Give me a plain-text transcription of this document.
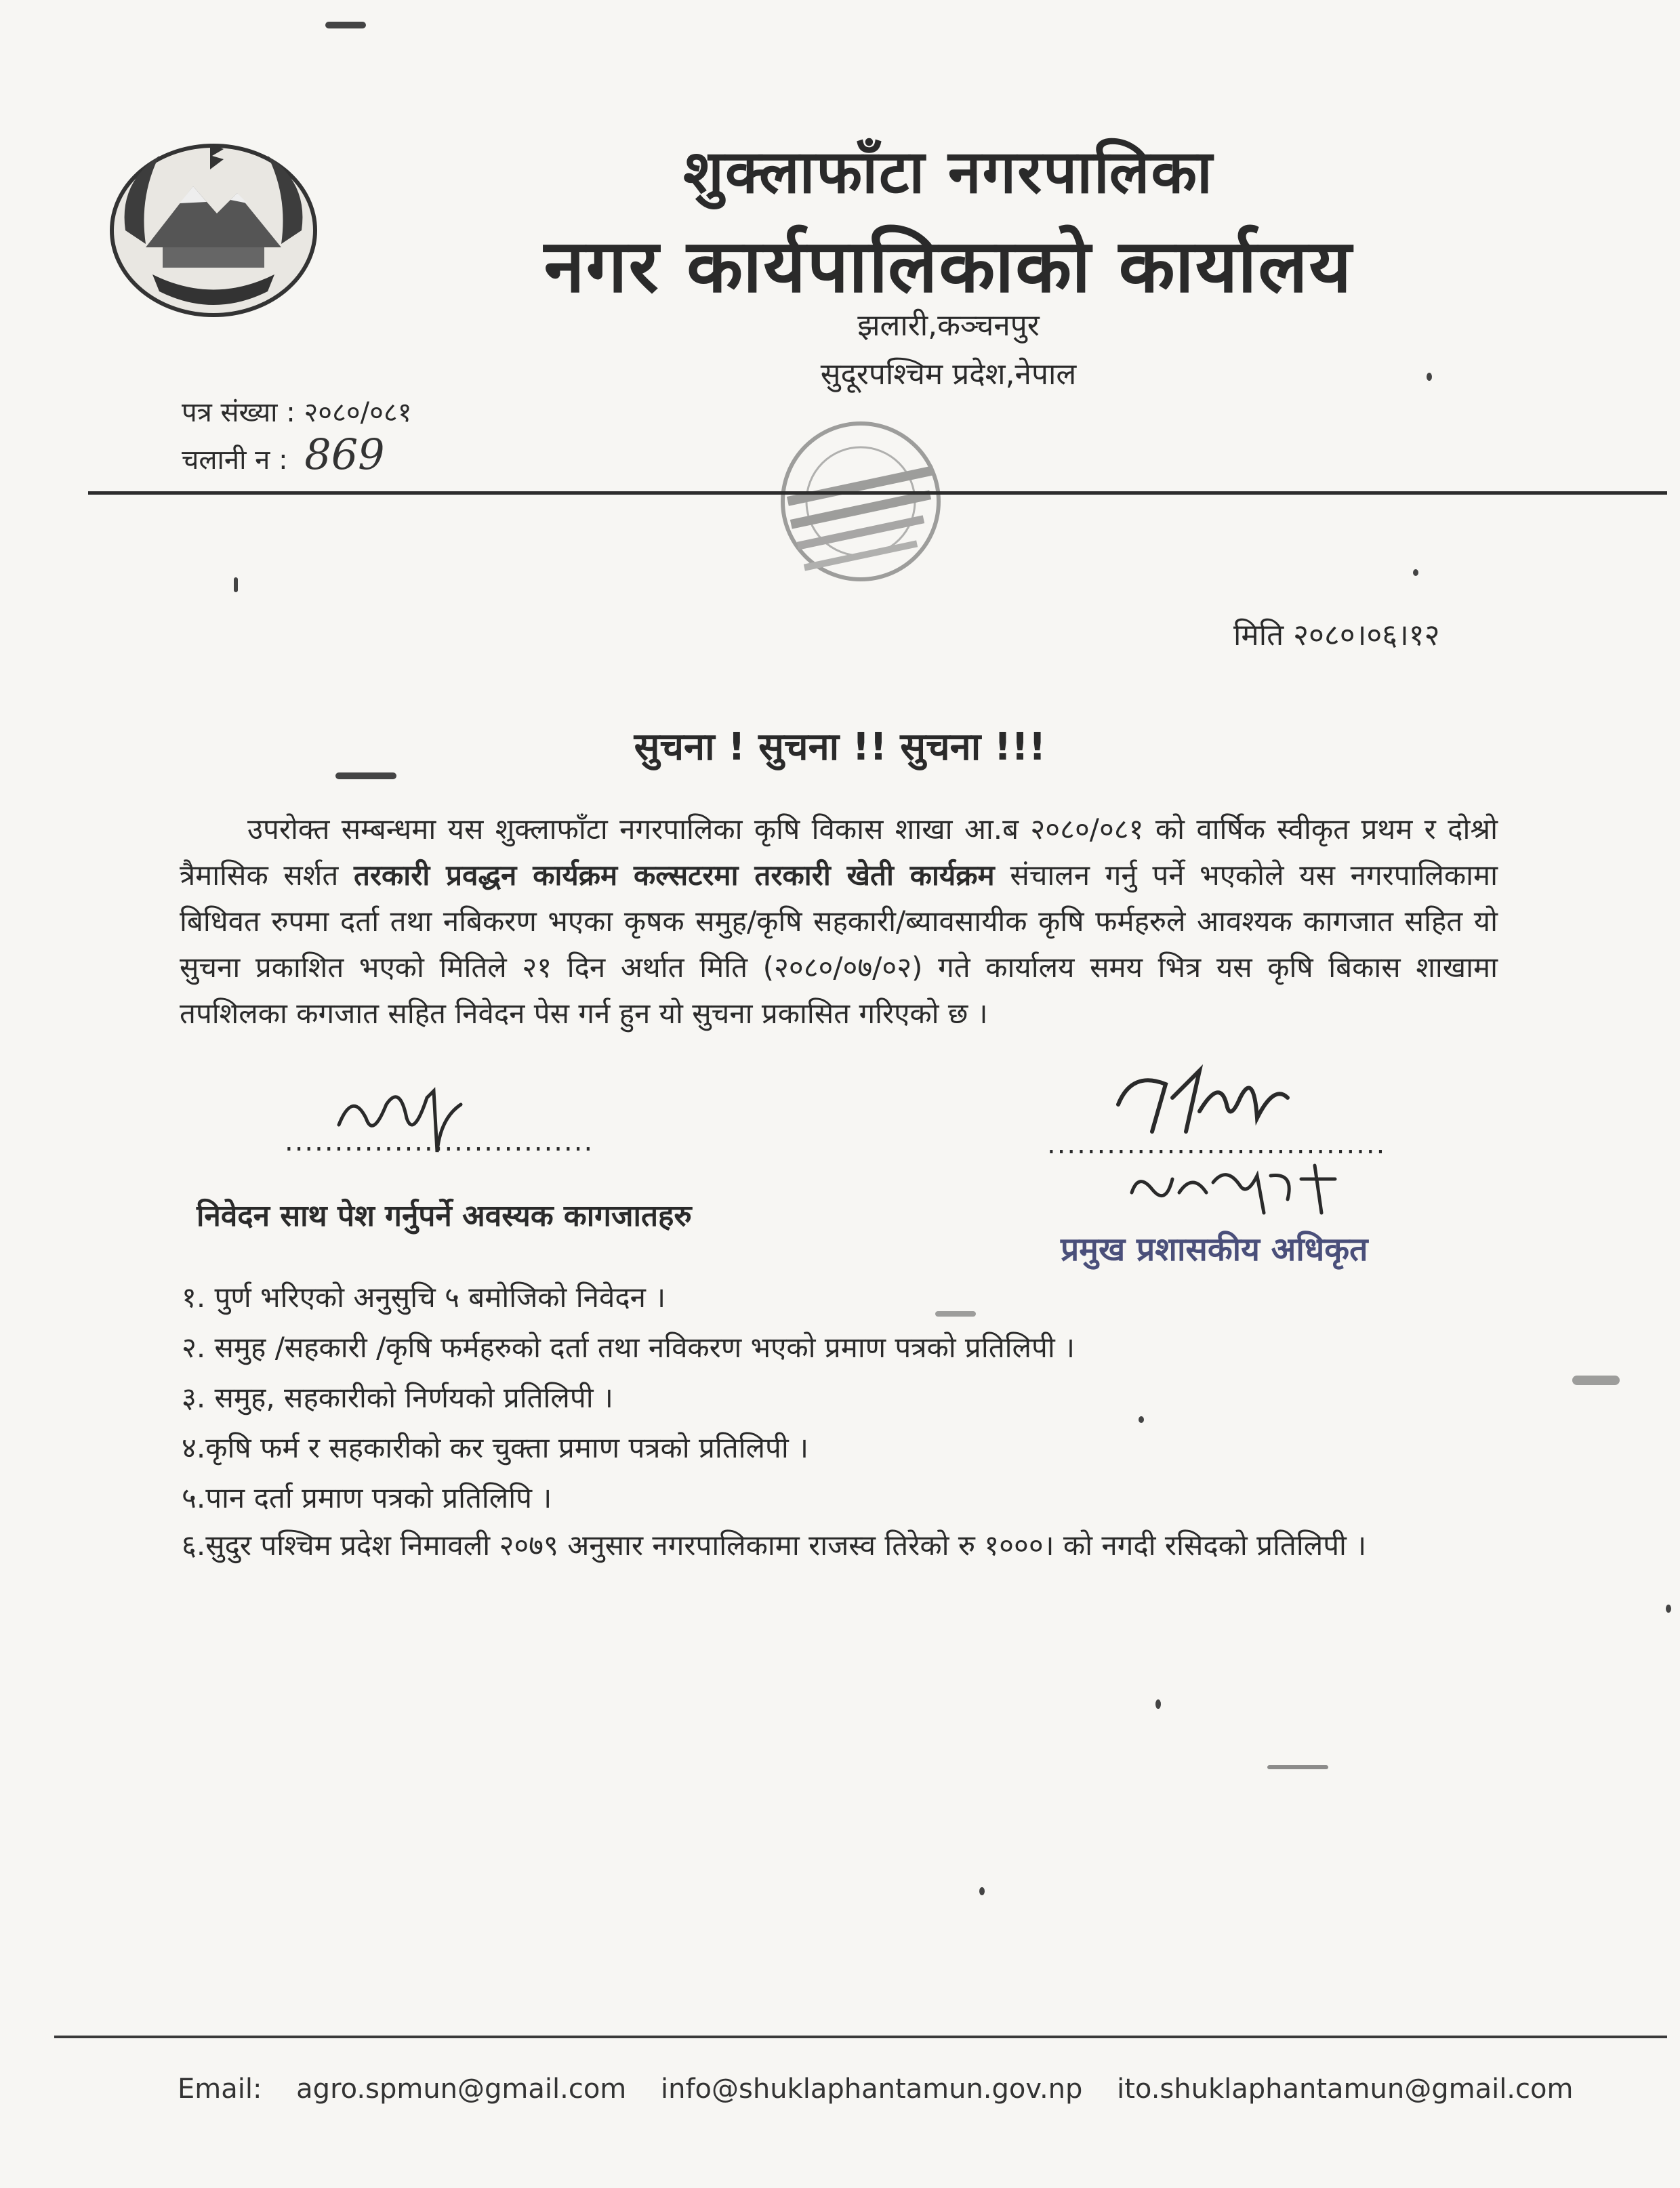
शुक्लाफाँटा नगरपालिका
नगर कार्यपालिकाको कार्यालय
झलारी,कञ्चनपुर
सुदूरपश्चिम प्रदेश,नेपाल
पत्र संख्या : २०८०/०८१
चलानी न : 869
मिति २०८०।०६।१२
सुचना ! सुचना !! सुचना !!!
उपरोक्त सम्बन्धमा यस शुक्लाफाँटा नगरपालिका कृषि विकास शाखा आ.ब २०८०/०८१ को वार्षिक स्वीकृत प्रथम र दोश्रो त्रैमासिक सर्शत तरकारी प्रवद्धन कार्यक्रम कल्सटरमा तरकारी खेती कार्यक्रम संचालन गर्नु पर्ने भएकोले यस नगरपालिकामा बिधिवत रुपमा दर्ता तथा नबिकरण भएका कृषक समुह/कृषि सहकारी/ब्यावसायीक कृषि फर्महरुले आवश्यक कागजात सहित यो सुचना प्रकाशित भएको मितिले २१ दिन अर्थात मिति (२०८०/०७/०२) गते कार्यालय समय भित्र यस कृषि बिकास शाखामा तपशिलका कगजात सहित निवेदन पेस गर्न हुन यो सुचना प्रकासित गरिएको छ ।
...............................	..................................
प्रमुख प्रशासकीय अधिकृत
निवेदन साथ पेश गर्नुपर्ने अवस्यक कागजातहरु
१. पुर्ण भरिएको अनुसुचि ५ बमोजिको निवेदन ।
२. समुह /सहकारी /कृषि फर्महरुको दर्ता तथा नविकरण भएको प्रमाण पत्रको प्रतिलिपी ।
३. समुह, सहकारीको निर्णयको प्रतिलिपी ।
४.कृषि फर्म र सहकारीको कर चुक्ता प्रमाण पत्रको प्रतिलिपी ।
५.पान दर्ता प्रमाण पत्रको प्रतिलिपि ।
६.सुदुर पश्चिम प्रदेश निमावली २०७९ अनुसार नगरपालिकामा राजस्व तिरेको रु १०००। को नगदी रसिदको प्रतिलिपी ।
Email: agro.spmun@gmail.com info@shuklaphantamun.gov.np ito.shuklaphantamun@gmail.com
